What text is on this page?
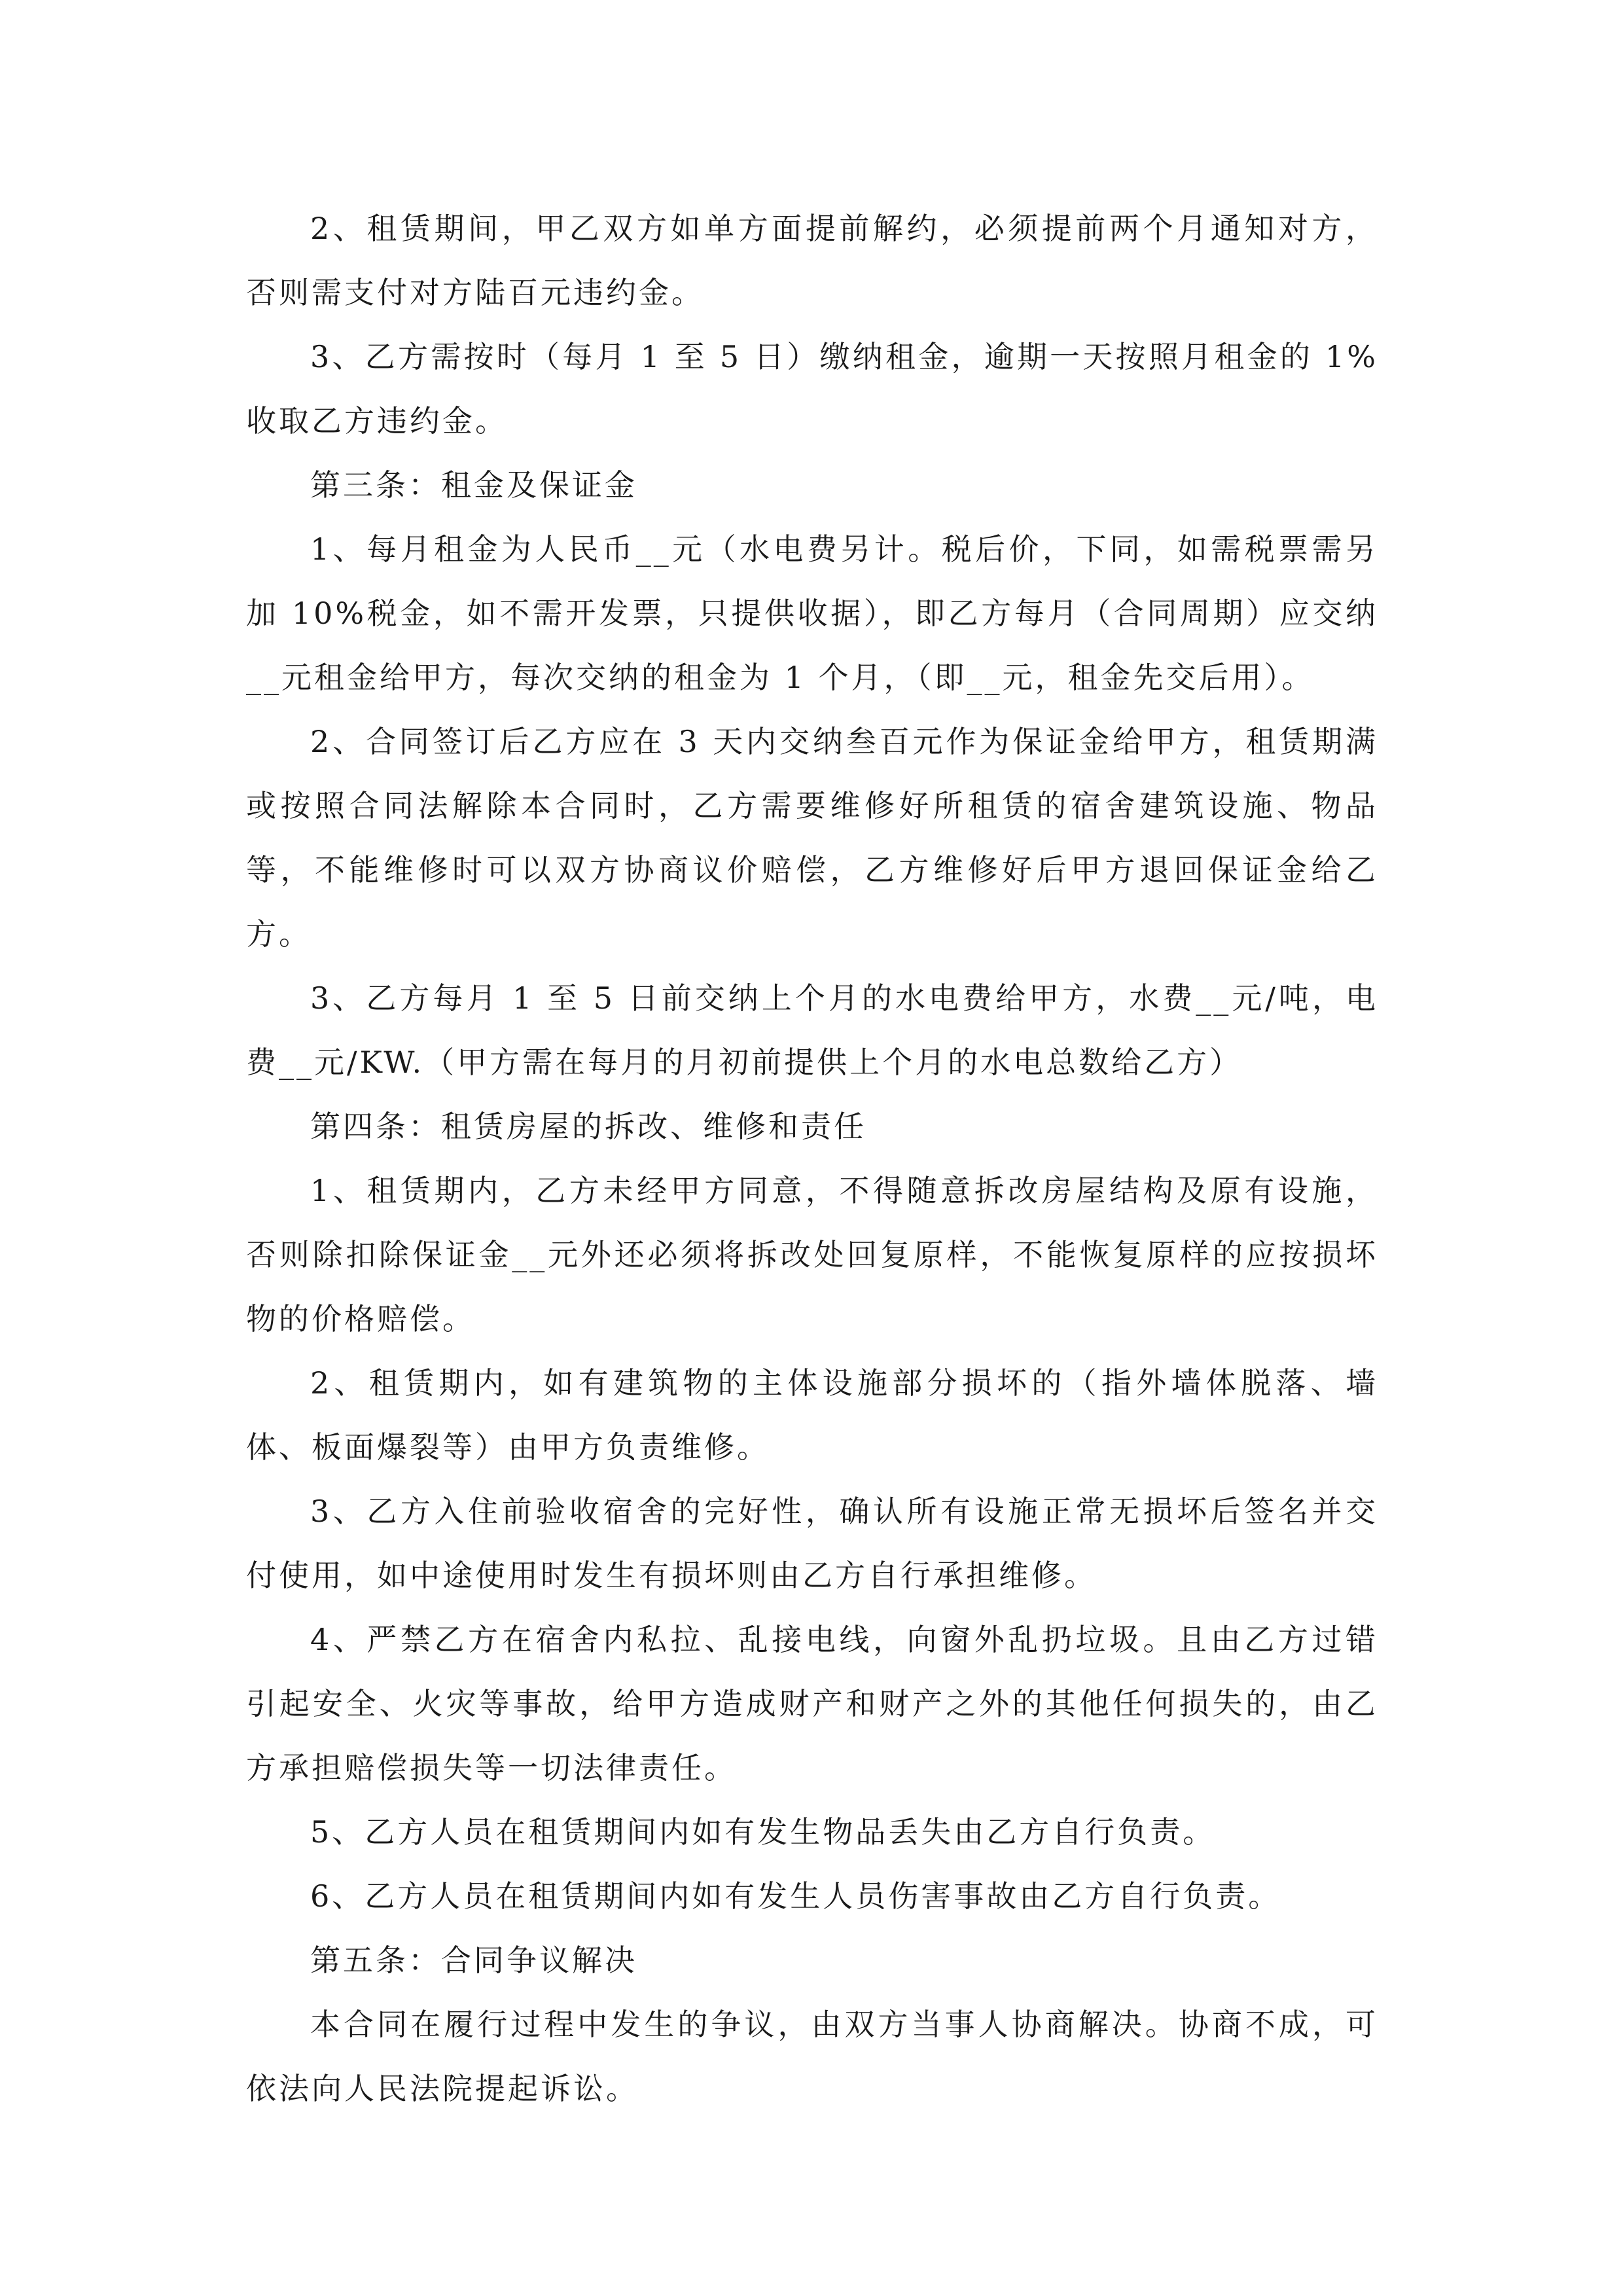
2、租赁期间，甲乙双方如单方面提前解约，必须提前两个月通知对方，否则需支付对方陆百元违约金。

3、乙方需按时（每月 1 至 5 日）缴纳租金，逾期一天按照月租金的 1%收取乙方违约金。

第三条：租金及保证金

1、每月租金为人民币__元（水电费另计。税后价，下同，如需税票需另加 10%税金，如不需开发票，只提供收据），即乙方每月（合同周期）应交纳__元租金给甲方，每次交纳的租金为 1 个月，（即__元，租金先交后用）。

2、合同签订后乙方应在 3 天内交纳叁百元作为保证金给甲方，租赁期满或按照合同法解除本合同时，乙方需要维修好所租赁的宿舍建筑设施、物品等，不能维修时可以双方协商议价赔偿，乙方维修好后甲方退回保证金给乙方。

3、乙方每月 1 至 5 日前交纳上个月的水电费给甲方，水费__元/吨，电费__元/KW.（甲方需在每月的月初前提供上个月的水电总数给乙方）

第四条：租赁房屋的拆改、维修和责任

1、租赁期内，乙方未经甲方同意，不得随意拆改房屋结构及原有设施，否则除扣除保证金__元外还必须将拆改处回复原样，不能恢复原样的应按损坏物的价格赔偿。

2、租赁期内，如有建筑物的主体设施部分损坏的（指外墙体脱落、墙体、板面爆裂等）由甲方负责维修。

3、乙方入住前验收宿舍的完好性，确认所有设施正常无损坏后签名并交付使用，如中途使用时发生有损坏则由乙方自行承担维修。

4、严禁乙方在宿舍内私拉、乱接电线，向窗外乱扔垃圾。且由乙方过错引起安全、火灾等事故，给甲方造成财产和财产之外的其他任何损失的，由乙方承担赔偿损失等一切法律责任。

5、乙方人员在租赁期间内如有发生物品丢失由乙方自行负责。

6、乙方人员在租赁期间内如有发生人员伤害事故由乙方自行负责。

第五条：合同争议解决

本合同在履行过程中发生的争议，由双方当事人协商解决。协商不成，可依法向人民法院提起诉讼。
